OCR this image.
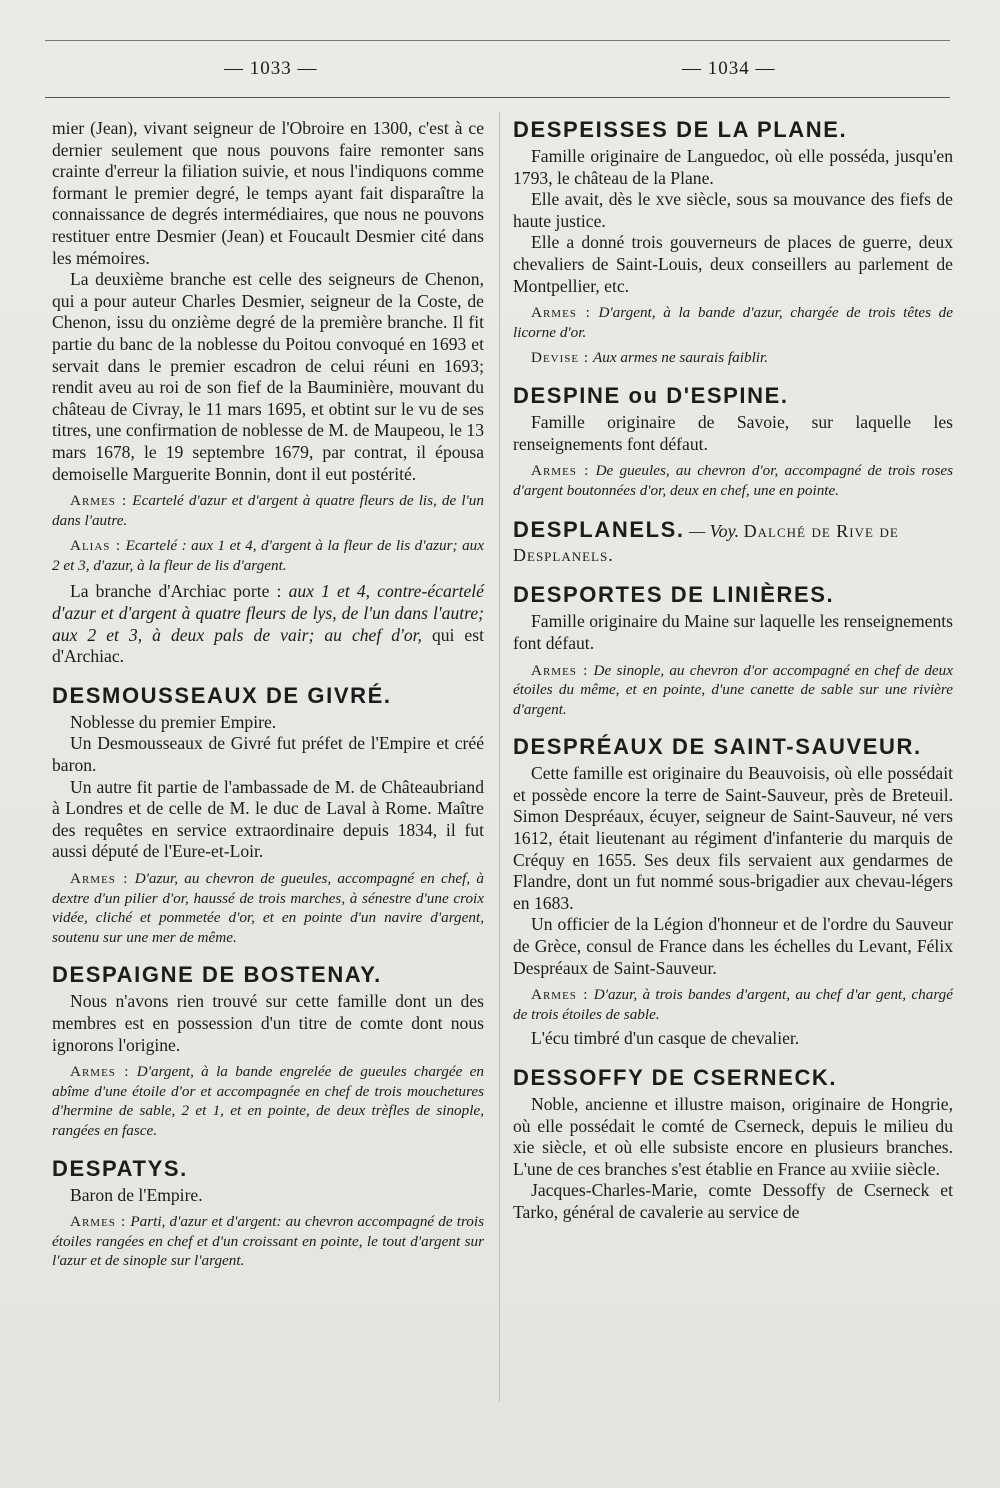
— 1033 —	— 1034 —

mier (Jean), vivant seigneur de l'Obroire en 1300, c'est à ce dernier seulement que nous pouvons faire remonter sans crainte d'erreur la filiation suivie, et nous l'indiquons comme formant le premier degré, le temps ayant fait disparaître la connaissance de degrés intermédiaires, que nous ne pouvons restituer entre Desmier (Jean) et Foucault Desmier cité dans les mémoires.

La deuxième branche est celle des seigneurs de Chenon, qui a pour auteur Charles Desmier, seigneur de la Coste, de Chenon, issu du onzième degré de la première branche. Il fit partie du banc de la noblesse du Poitou convoqué en 1693 et servait dans le premier escadron de celui réuni en 1693; rendit aveu au roi de son fief de la Bauminière, mouvant du château de Civray, le 11 mars 1695, et obtint sur le vu de ses titres, une confirmation de noblesse de M. de Maupeou, le 13 mars 1678, le 19 septembre 1679, par contrat, il épousa demoiselle Marguerite Bonnin, dont il eut postérité.

Armes : Ecartelé d'azur et d'argent à quatre fleurs de lis, de l'un dans l'autre.

Alias : Ecartelé : aux 1 et 4, d'argent à la fleur de lis d'azur; aux 2 et 3, d'azur, à la fleur de lis d'argent.

La branche d'Archiac porte : aux 1 et 4, contre-écartelé d'azur et d'argent à quatre fleurs de lys, de l'un dans l'autre; aux 2 et 3, à deux pals de vair; au chef d'or, qui est d'Archiac.

DESMOUSSEAUX DE GIVRÉ.

Noblesse du premier Empire.

Un Desmousseaux de Givré fut préfet de l'Empire et créé baron.

Un autre fit partie de l'ambassade de M. de Châteaubriand à Londres et de celle de M. le duc de Laval à Rome. Maître des requêtes en service extraordinaire depuis 1834, il fut aussi député de l'Eure-et-Loir.

Armes : D'azur, au chevron de gueules, accompagné en chef, à dextre d'un pilier d'or, haussé de trois marches, à sénestre d'une croix vidée, cliché et pommetée d'or, et en pointe d'un navire d'argent, soutenu sur une mer de même.

DESPAIGNE DE BOSTENAY.

Nous n'avons rien trouvé sur cette famille dont un des membres est en possession d'un titre de comte dont nous ignorons l'origine.

Armes : D'argent, à la bande engrelée de gueules chargée en abîme d'une étoile d'or et accompagnée en chef de trois mouchetures d'hermine de sable, 2 et 1, et en pointe, de deux trèfles de sinople, rangées en fasce.

DESPATYS.

Baron de l'Empire.

Armes : Parti, d'azur et d'argent: au chevron accompagné de trois étoiles rangées en chef et d'un croissant en pointe, le tout d'argent sur l'azur et de sinople sur l'argent.

DESPEISSES DE LA PLANE.

Famille originaire de Languedoc, où elle posséda, jusqu'en 1793, le château de la Plane.

Elle avait, dès le xve siècle, sous sa mouvance des fiefs de haute justice.

Elle a donné trois gouverneurs de places de guerre, deux chevaliers de Saint-Louis, deux conseillers au parlement de Montpellier, etc.

Armes : D'argent, à la bande d'azur, chargée de trois têtes de licorne d'or.

Devise : Aux armes ne saurais faiblir.

DESPINE ou D'ESPINE.

Famille originaire de Savoie, sur laquelle les renseignements font défaut.

Armes : De gueules, au chevron d'or, accompagné de trois roses d'argent boutonnées d'or, deux en chef, une en pointe.

DESPLANELS. — Voy. Dalché de Rive de Desplanels.
DESPORTES DE LINIÈRES.

Famille originaire du Maine sur laquelle les renseignements font défaut.

Armes : De sinople, au chevron d'or accompagné en chef de deux étoiles du même, et en pointe, d'une canette de sable sur une rivière d'argent.

DESPRÉAUX DE SAINT-SAUVEUR.

Cette famille est originaire du Beauvoisis, où elle possédait et possède encore la terre de Saint-Sauveur, près de Breteuil. Simon Despréaux, écuyer, seigneur de Saint-Sauveur, né vers 1612, était lieutenant au régiment d'infanterie du marquis de Créquy en 1655. Ses deux fils servaient aux gendarmes de Flandre, dont un fut nommé sous-brigadier aux chevau-légers en 1683.

Un officier de la Légion d'honneur et de l'ordre du Sauveur de Grèce, consul de France dans les échelles du Levant, Félix Despréaux de Saint-Sauveur.

Armes : D'azur, à trois bandes d'argent, au chef d'ar gent, chargé de trois étoiles de sable.

L'écu timbré d'un casque de chevalier.

DESSOFFY DE CSERNECK.

Noble, ancienne et illustre maison, originaire de Hongrie, où elle possédait le comté de Cserneck, depuis le milieu du xie siècle, et où elle subsiste encore en plusieurs branches. L'une de ces branches s'est établie en France au xviiie siècle.

Jacques-Charles-Marie, comte Dessoffy de Cserneck et Tarko, général de cavalerie au service de
